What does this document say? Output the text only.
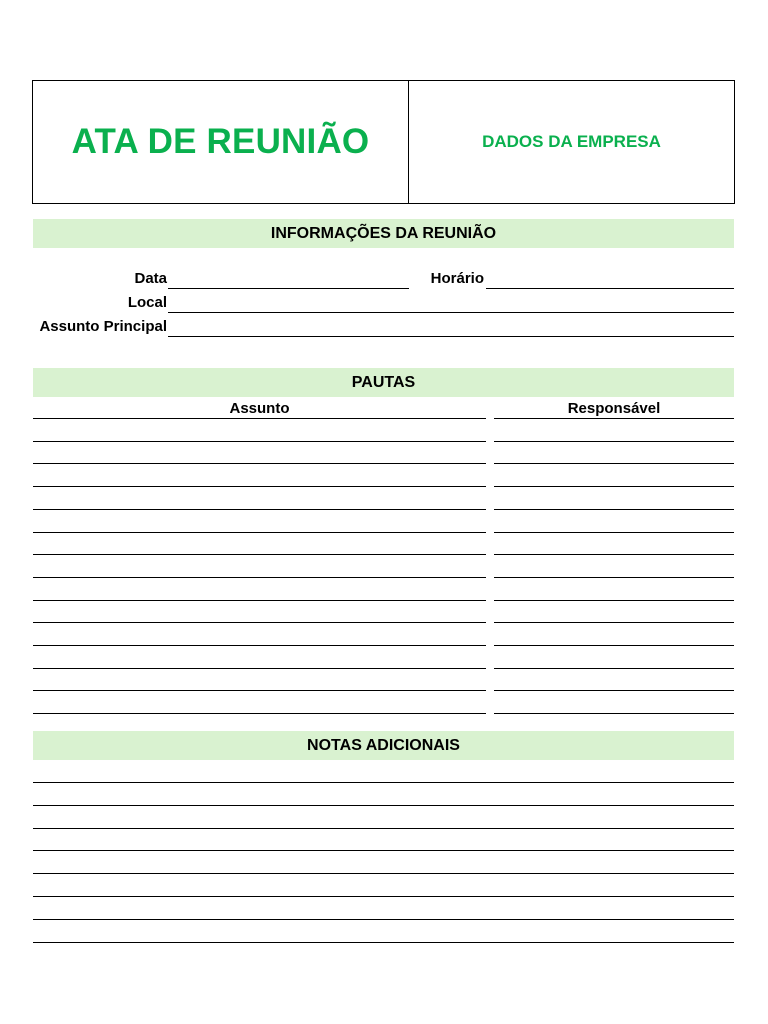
ATA DE REUNIÃO	DADOS DA EMPRESA
INFORMAÇÕES DA REUNIÃO
Data	Horário
Local
Assunto Principal
PAUTAS
Assunto	Responsável
NOTAS ADICIONAIS
